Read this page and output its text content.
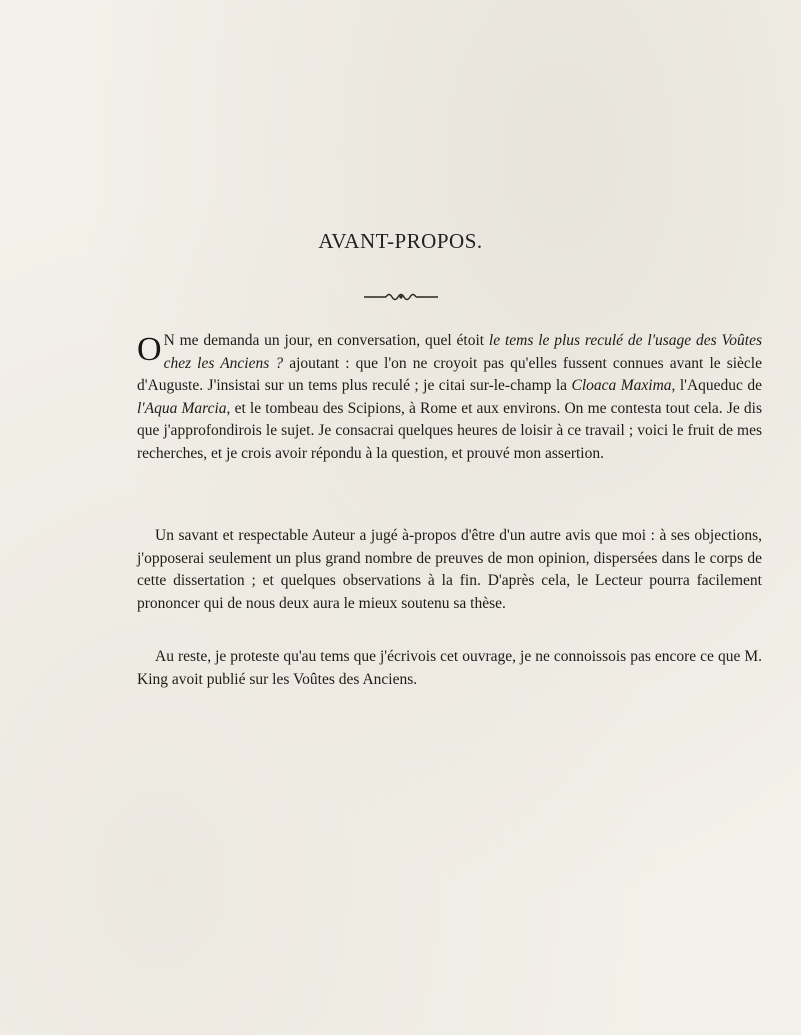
AVANT-PROPOS.
O N me demanda un jour, en conversation, quel étoit le tems le plus reculé de l'usage des Voûtes chez les Anciens ? ajoutant : que l'on ne croyoit pas qu'elles fussent connues avant le siècle d'Auguste. J'insistai sur un tems plus reculé ; je citai sur-le-champ la Cloaca Maxima, l'Aqueduc de l'Aqua Marcia, et le tombeau des Scipions, à Rome et aux environs. On me contesta tout cela. Je dis que j'approfondirois le sujet. Je consacrai quelques heures de loisir à ce travail ; voici le fruit de mes recherches, et je crois avoir répondu à la question, et prouvé mon assertion.
Un savant et respectable Auteur a jugé à-propos d'être d'un autre avis que moi : à ses objections, j'opposerai seulement un plus grand nombre de preuves de mon opinion, dispersées dans le corps de cette dissertation ; et quelques observations à la fin. D'après cela, le Lecteur pourra facilement prononcer qui de nous deux aura le mieux soutenu sa thèse.
Au reste, je proteste qu'au tems que j'écrivois cet ouvrage, je ne connoissois pas encore ce que M. King avoit publié sur les Voûtes des Anciens.
